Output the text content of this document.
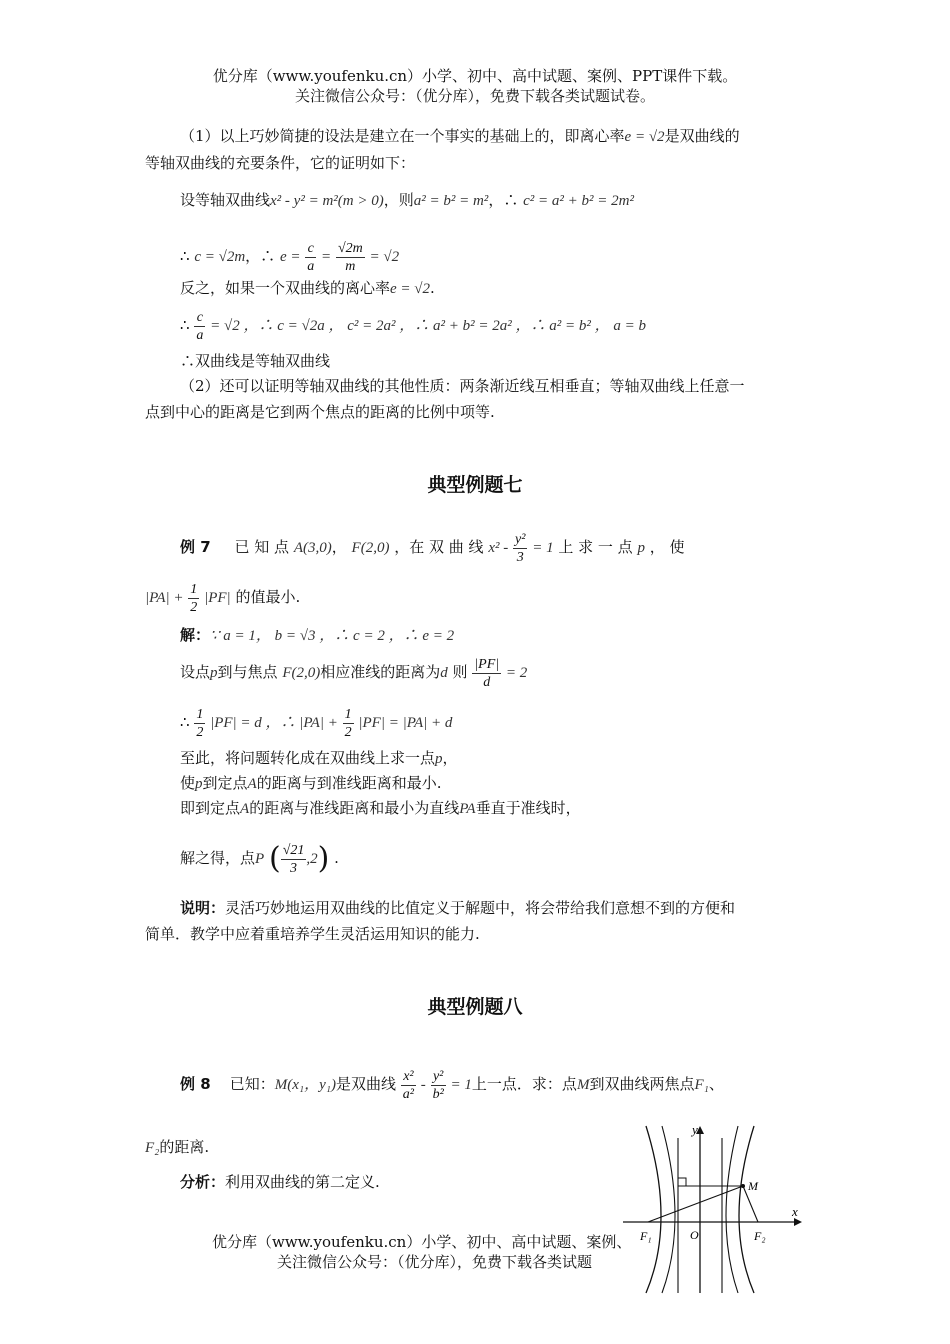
优分库（www.youfenku.cn）小学、初中、高中试题、案例、PPT课件下载。
关注微信公众号：（优分库），免费下载各类试题试卷。
（1）以上巧妙简捷的设法是建立在一个事实的基础上的，即离心率e = √2是双曲线的
等轴双曲线的充要条件，它的证明如下：
设等轴双曲线x² - y² = m²(m > 0)，则a² = b² = m²，∴ c² = a² + b² = 2m²
∴ c = √2m，∴ $e = \frac{c}{a} = \frac{√2m}{m} = √2$
反之，如果一个双曲线的离心率e = √2.
∴ $\frac{c}{a} = √2$ ，∴ c = √2a ， c² = 2a² ，∴ a² + b² = 2a² ，∴ a² = b² ， a = b
∴双曲线是等轴双曲线
（2）还可以证明等轴双曲线的其他性质：两条渐近线互相垂直；等轴双曲线上任意一
点到中心的距离是它到两个焦点的距离的比例中项等.
典型例题七
例 7 已 知 点 A(3,0)， F(2,0) ，在 双 曲 线 $x^2 - \frac{\text{y²}}{3} = 1$ 上 求 一 点 p ， 使
$|PA| + \frac{1}{2} |PF|$ 的值最小.
解：∵ a = 1， b = √3 ，∴ c = 2 ，∴ e = 2
设点p到与焦点 F(2,0)相应准线的距离为d 则 $\frac{|PF|}{d} = 2$
∴ $\frac{1}{2} |PF| = d$ ，∴ $|PA| + \frac{1}{2} |PF| = |PA| + d$
至此，将问题转化成在双曲线上求一点p，
使p到定点A的距离与到准线距离和最小.
即到定点A的距离与准线距离和最小为直线PA垂直于准线时，
解之得，点P ( $\frac{√21}{3} ,2$) .
说明：灵活巧妙地运用双曲线的比值定义于解题中，将会带给我们意想不到的方便和
简单．教学中应着重培养学生灵活运用知识的能力.
典型例题八
例 8 已知：M(x₁，y₁)是双曲线 $\frac{\text{x²}}{\text{a²}} - \frac{\text{y²}}{\text{b²}} = 1$上一点．求：点M到双曲线两焦点F₁、
F₂的距离.
分析：利用双曲线的第二定义.
y
x
M
O
F₁	F₂
优分库（www.youfenku.cn）小学、初中、高中试题、案例、
关注微信公众号：（优分库），免费下载各类试题
